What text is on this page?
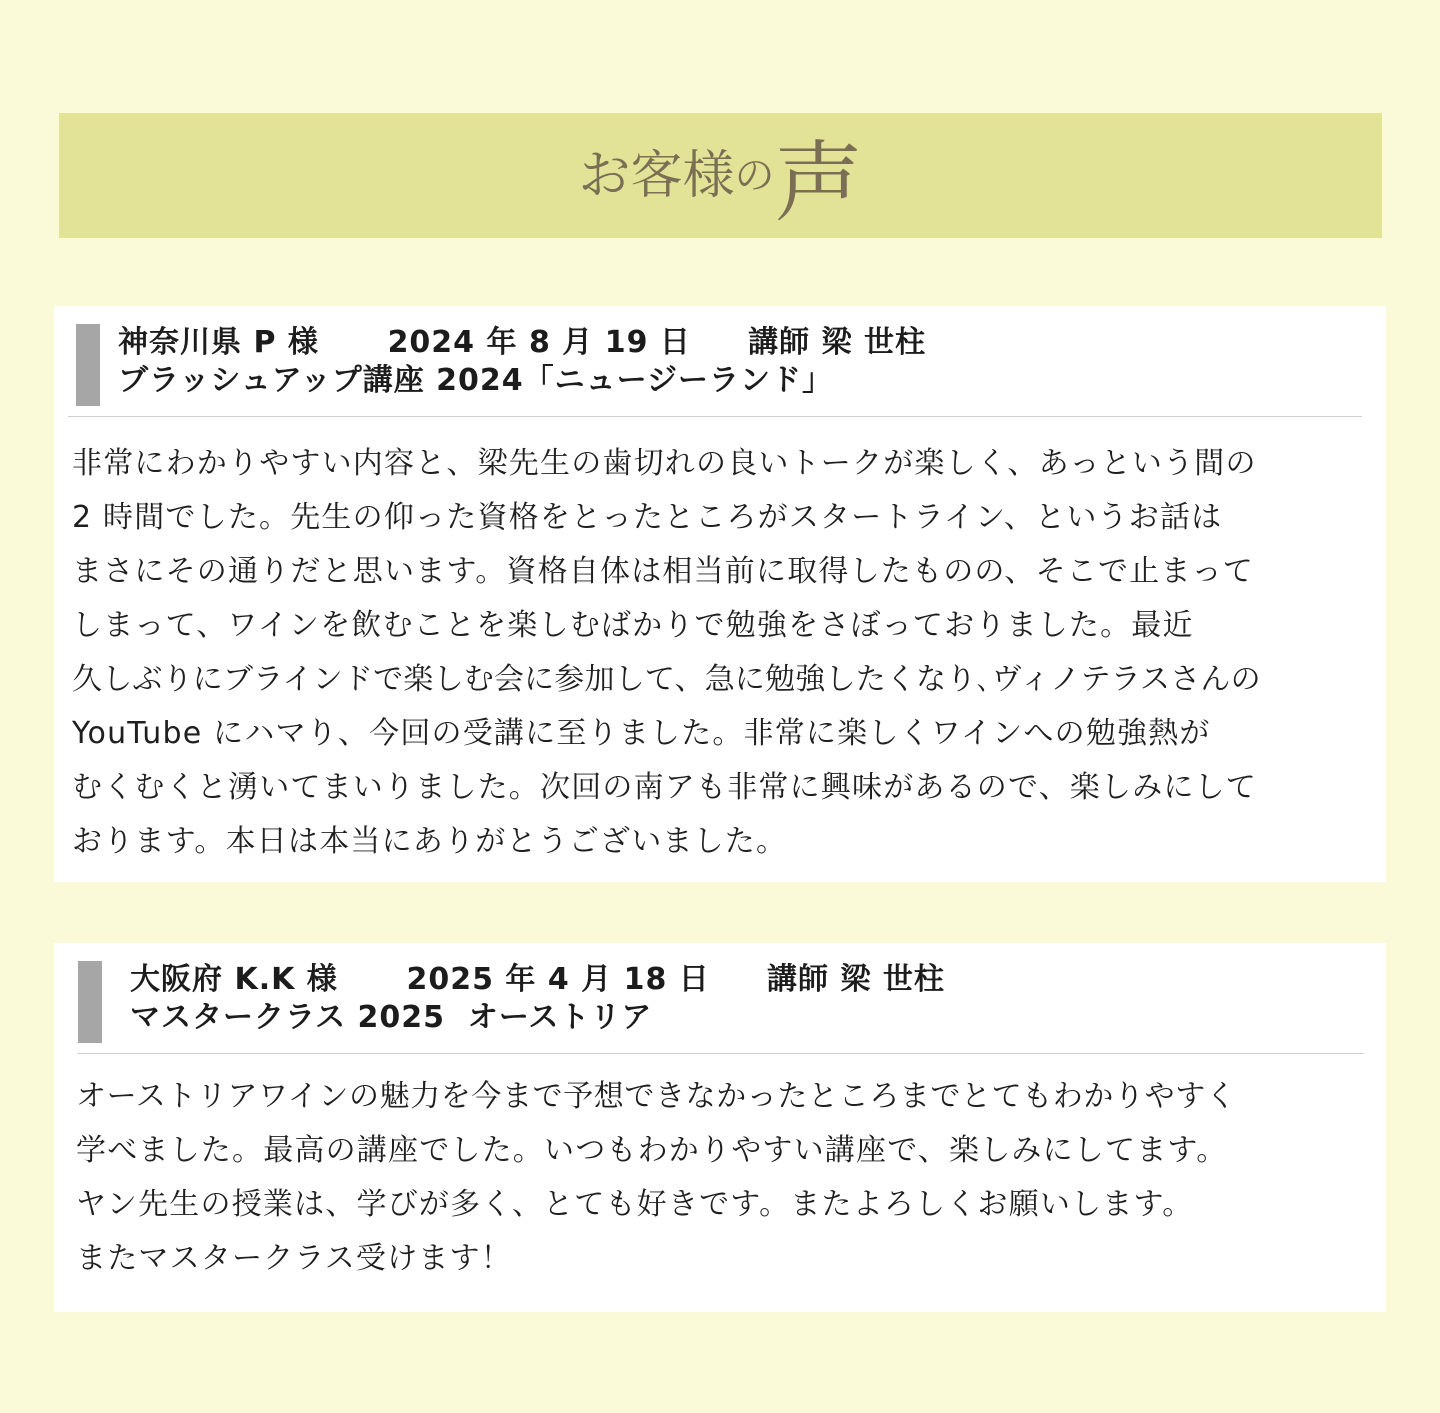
お客様の声
神奈川県 P 様 2024 年 8 月 19 日 講師 梁 世柱
ブラッシュアップ講座 2024「ニュージーランド」
非常にわかりやすい内容と、梁先生の歯切れの良いトークが楽しく、あっという間の
2 時間でした。先生の仰った資格をとったところがスタートライン、というお話は
まさにその通りだと思います。資格自体は相当前に取得したものの、そこで止まって
しまって、ワインを飲むことを楽しむばかりで勉強をさぼっておりました。最近
久しぶりにブラインドで楽しむ会に参加して、急に勉強したくなり､ヴィノテラスさんの
YouTube にハマり、今回の受講に至りました。非常に楽しくワインへの勉強熱が
むくむくと湧いてまいりました。次回の南アも非常に興味があるので、楽しみにして
おります。本日は本当にありがとうございました。
大阪府 K.K 様 2025 年 4 月 18 日 講師 梁 世柱
マスタークラス 2025  オーストリア
オーストリアワインの魅力を今まで予想できなかったところまでとてもわかりやすく
学べました。最高の講座でした。いつもわかりやすい講座で、楽しみにしてます。
ヤン先生の授業は、学びが多く、とても好きです。またよろしくお願いします。
またマスタークラス受けます！
